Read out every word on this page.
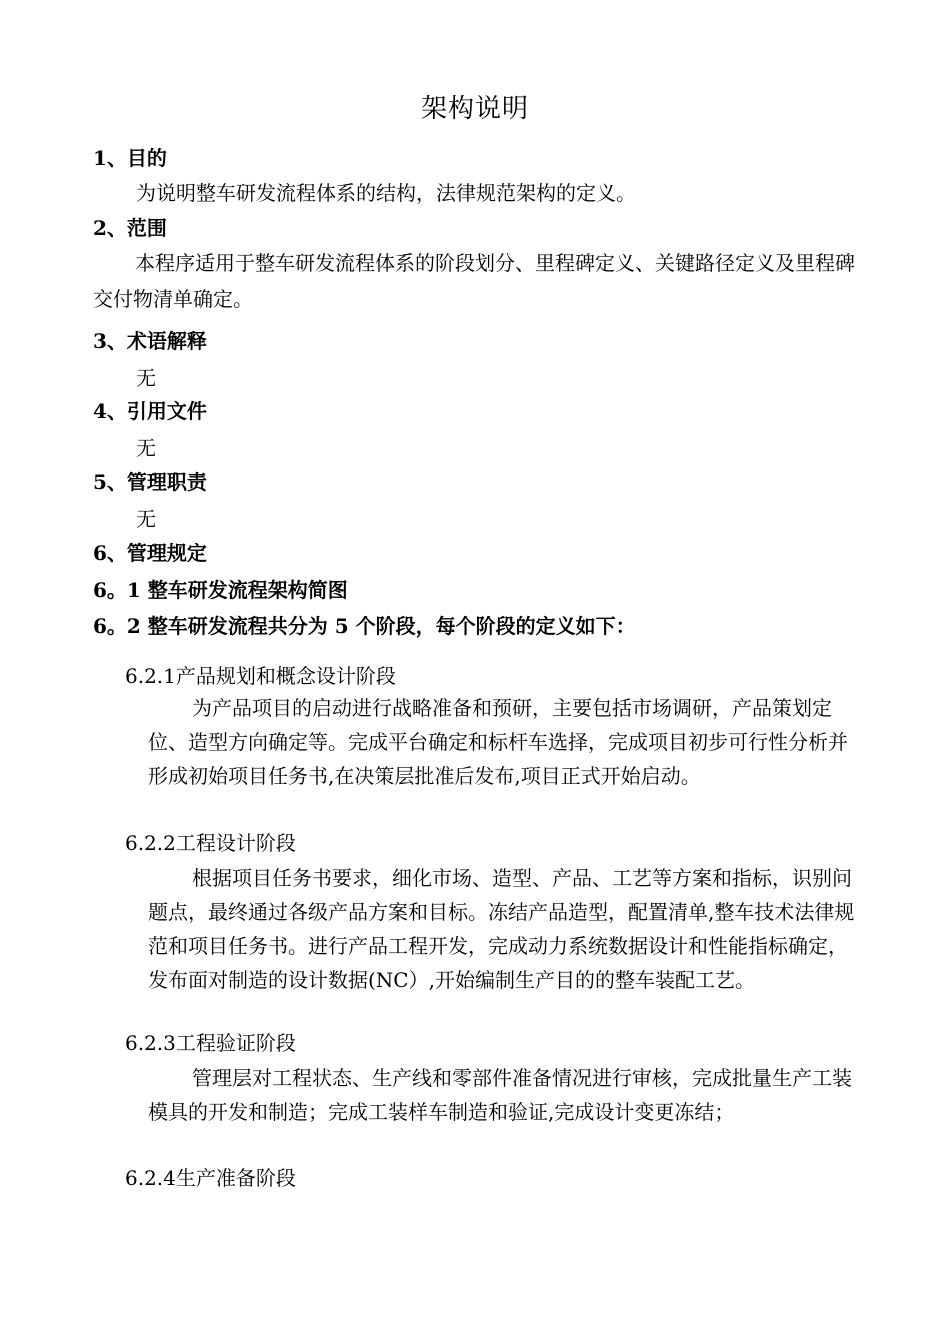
架构说明
1、目的
为说明整车研发流程体系的结构，法律规范架构的定义。
2、范围
本程序适用于整车研发流程体系的阶段划分、里程碑定义、关键路径定义及里程碑交付物清单确定。
3、术语解释
无
4、引用文件
无
5、管理职责
无
6、管理规定
6。1 整车研发流程架构简图
6。2 整车研发流程共分为 5 个阶段，每个阶段的定义如下：
6.2.1产品规划和概念设计阶段
为产品项目的启动进行战略准备和预研，主要包括市场调研，产品策划定位、造型方向确定等。完成平台确定和标杆车选择，完成项目初步可行性分析并形成初始项目任务书,在决策层批准后发布,项目正式开始启动。
6.2.2工程设计阶段
根据项目任务书要求，细化市场、造型、产品、工艺等方案和指标，识别问题点，最终通过各级产品方案和目标。冻结产品造型，配置清单,整车技术法律规范和项目任务书。进行产品工程开发，完成动力系统数据设计和性能指标确定，发布面对制造的设计数据(NC）,开始编制生产目的的整车装配工艺。
6.2.3工程验证阶段
管理层对工程状态、生产线和零部件准备情况进行审核，完成批量生产工装模具的开发和制造；完成工装样车制造和验证,完成设计变更冻结；
6.2.4生产准备阶段
